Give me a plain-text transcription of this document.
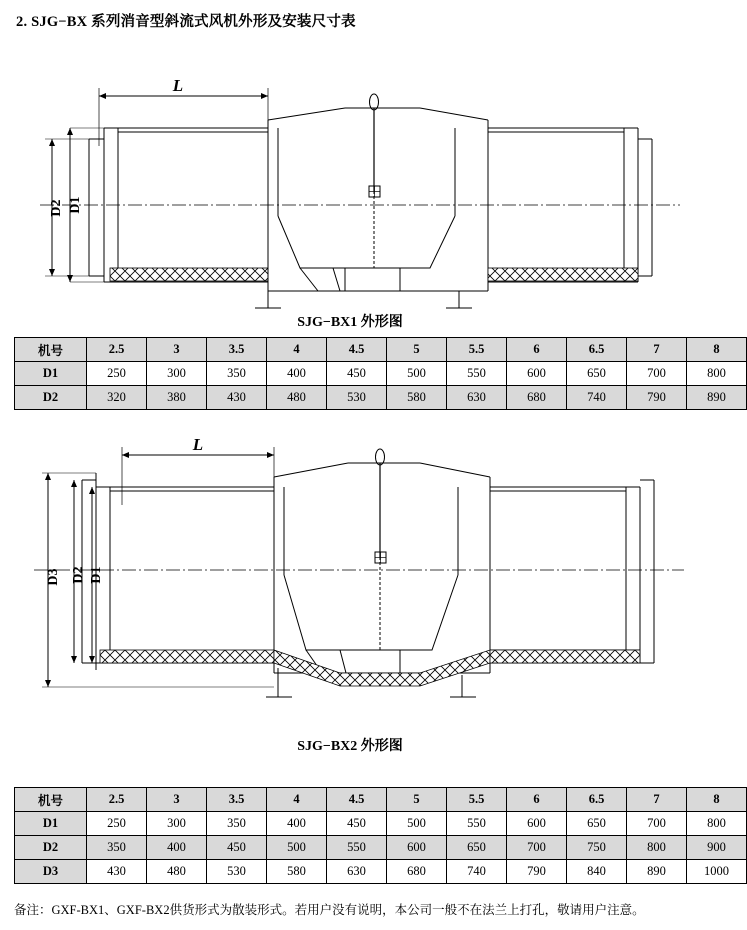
2. SJG−BX 系列消音型斜流式风机外形及安装尺寸表
L
D1
D2
SJG−BX1 外形图
机号	2.5	3	3.5	4	4.5	5	5.5	6	6.5	7	8
D1	250	300	350	400	450	500	550	600	650	700	800
D2	320	380	430	480	530	580	630	680	740	790	890
L
D1
D2
D3
SJG−BX2 外形图
机号	2.5	3	3.5	4	4.5	5	5.5	6	6.5	7	8
D1	250	300	350	400	450	500	550	600	650	700	800
D2	350	400	450	500	550	600	650	700	750	800	900
D3	430	480	530	580	630	680	740	790	840	890	1000
备注：GXF-BX1、GXF-BX2供货形式为散装形式。若用户没有说明，本公司一般不在法兰上打孔，敬请用户注意。
